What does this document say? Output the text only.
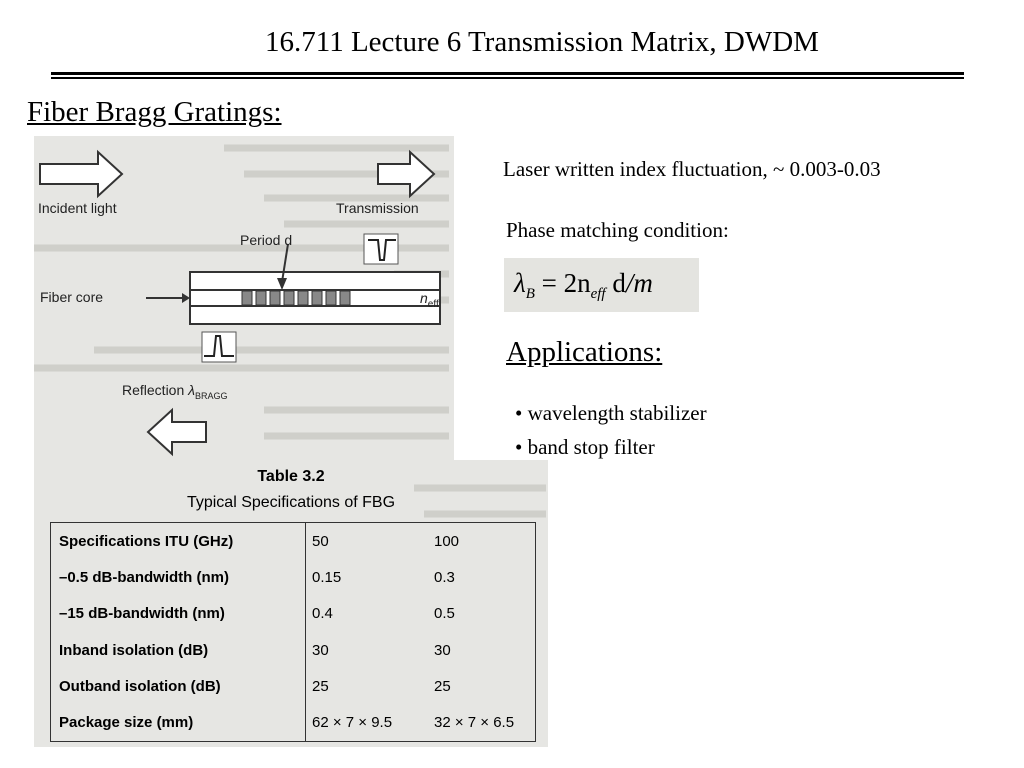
16.711 Lecture 6 Transmission Matrix, DWDM
Fiber Bragg Gratings:
Incident light	Transmission
Period d
Fiber core	$n_{eff}$
Reflection $\lambda_{BRAGG}$
Table 3.2
Typical Specifications of FBG
Specifications ITU (GHz)	50	100
–0.5 dB-bandwidth (nm)	0.15	0.3
–15 dB-bandwidth (nm)	0.4	0.5
Inband isolation (dB)	30	30
Outband isolation (dB)	25	25
Package size (mm)	62 × 7 × 9.5	32 × 7 × 6.5
Laser written index fluctuation, ~ 0.003-0.03
Phase matching condition:
$\lambda_B = 2n_{eff}$ d/m
Applications:
• wavelength stabilizer
• band stop filter
